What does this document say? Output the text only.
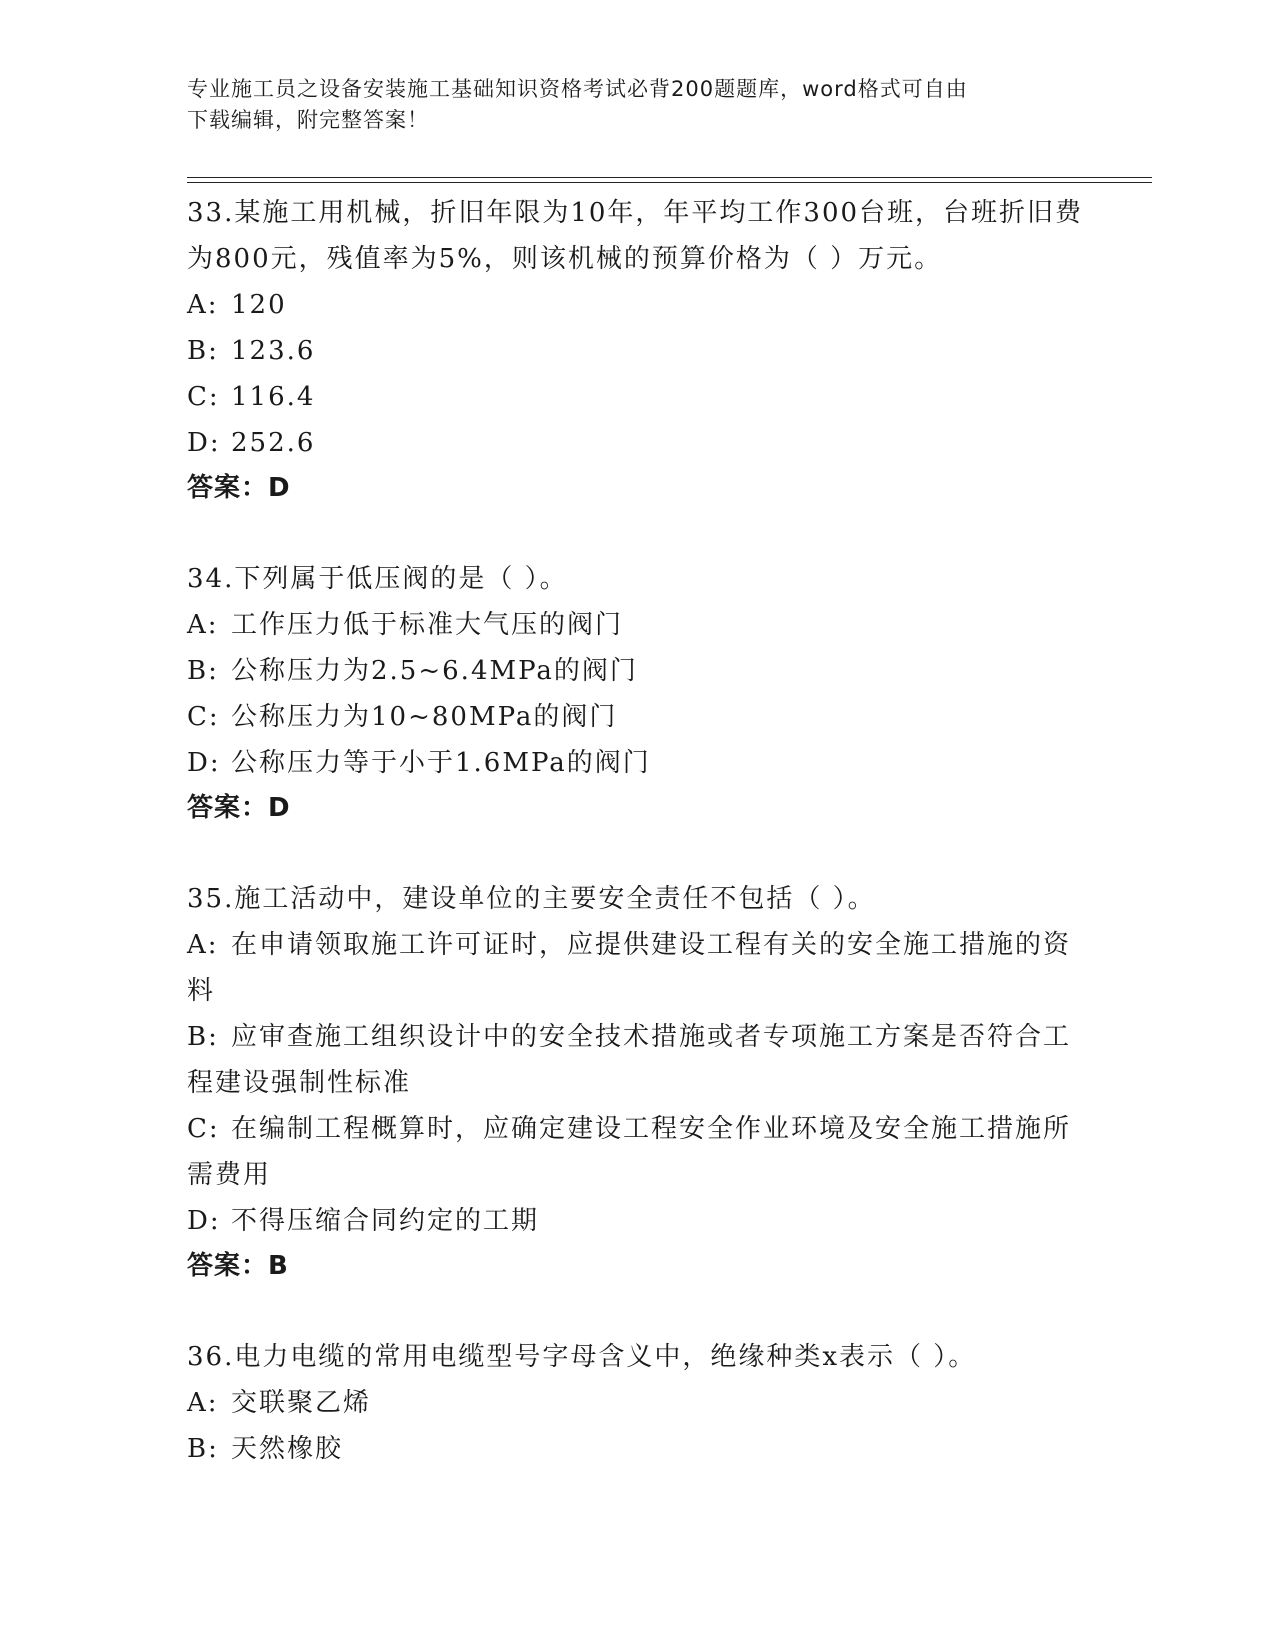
专业施工员之设备安装施工基础知识资格考试必背200题题库，word格式可自由
下载编辑，附完整答案！
33.某施工用机械，折旧年限为10年，年平均工作300台班，台班折旧费为800元，残值率为5%，则该机械的预算价格为（ ）万元。
A: 120
B: 123.6
C: 116.4
D: 252.6
答案：D
34.下列属于低压阀的是（ ）。
A: 工作压力低于标准大气压的阀门
B: 公称压力为2.5~6.4MPa的阀门
C: 公称压力为10~80MPa的阀门
D: 公称压力等于小于1.6MPa的阀门
答案：D
35.施工活动中，建设单位的主要安全责任不包括（ ）。
A: 在申请领取施工许可证时，应提供建设工程有关的安全施工措施的资料
B: 应审查施工组织设计中的安全技术措施或者专项施工方案是否符合工程建设强制性标准
C: 在编制工程概算时，应确定建设工程安全作业环境及安全施工措施所需费用
D: 不得压缩合同约定的工期
答案：B
36.电力电缆的常用电缆型号字母含义中，绝缘种类x表示（ ）。
A: 交联聚乙烯
B: 天然橡胶
